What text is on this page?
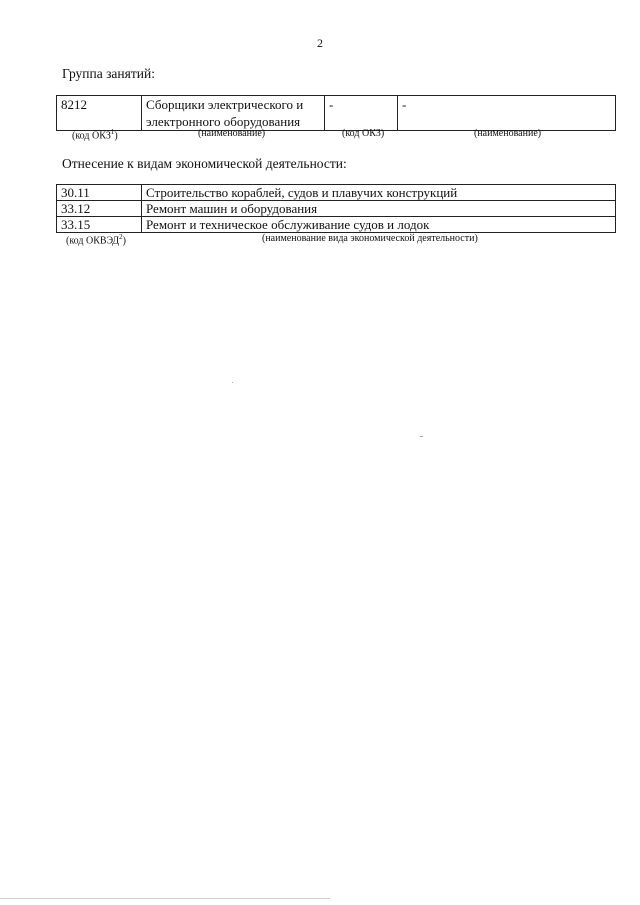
2
Группа занятий:
8212	Сборщики электрического и электронного оборудования	-	-
(код ОКЗ$^1$)	(наименование)	(код ОКЗ)	(наименование)
Отнесение к видам экономической деятельности:
30.11	Строительство кораблей, судов и плавучих конструкций
33.12	Ремонт машин и оборудования
33.15	Ремонт и техническое обслуживание судов и лодок
(код ОКВЭД$^2$)	(наименование вида экономической деятельности)
